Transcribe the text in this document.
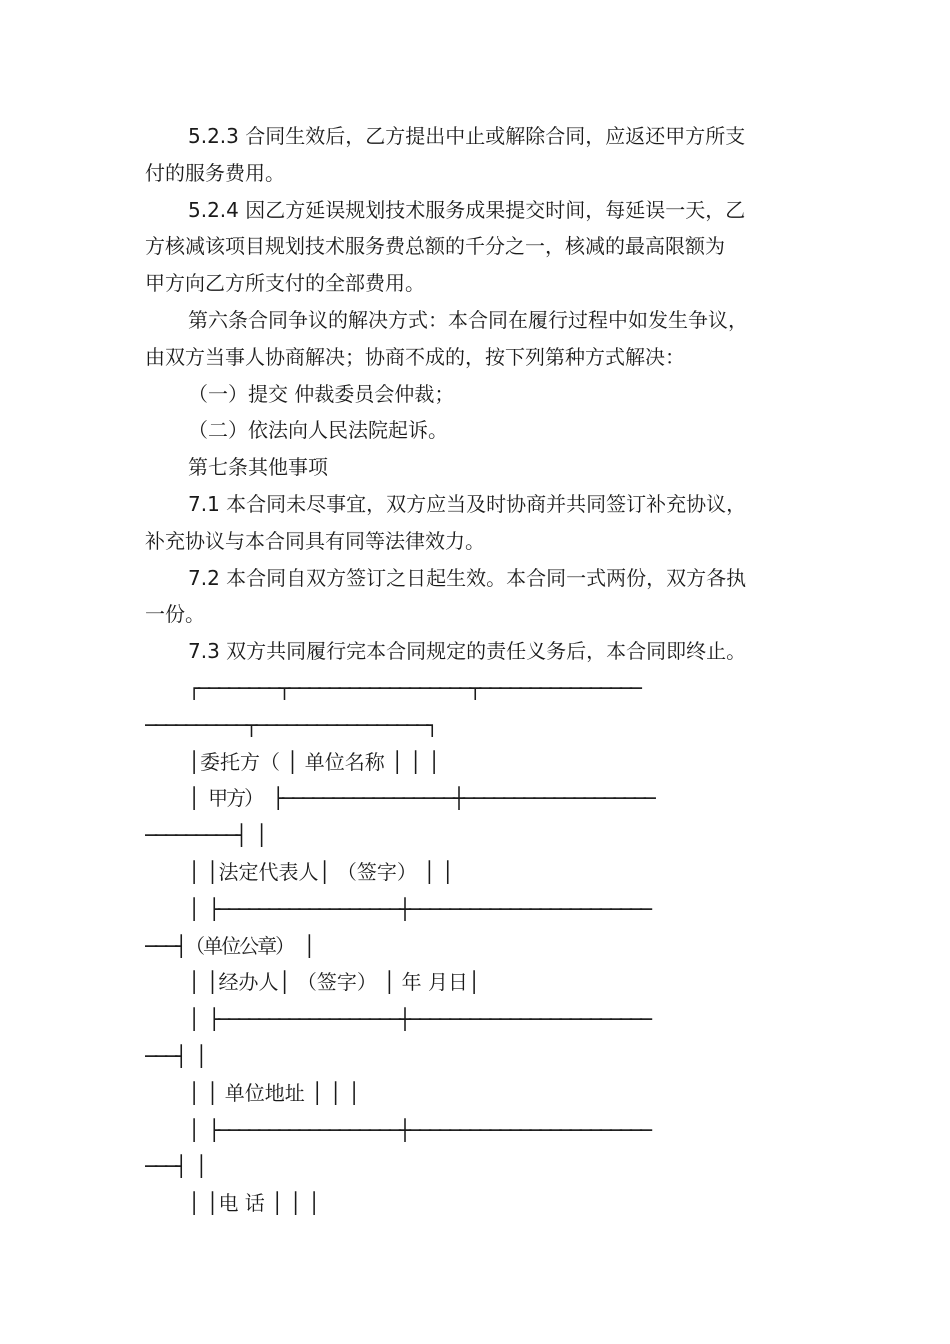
5.2.3 合同生效后，乙方提出中止或解除合同，应返还甲方所支
付的服务费用。
5.2.4 因乙方延误规划技术服务成果提交时间，每延误一天，乙
方核减该项目规划技术服务费总额的千分之一，核减的最高限额为
甲方向乙方所支付的全部费用。
第六条合同争议的解决方式：本合同在履行过程中如发生争议，
由双方当事人协商解决；协商不成的，按下列第种方式解决：
（一）提交 仲裁委员会仲裁；
（二）依法向人民法院起诉。
第七条其他事项
7.1 本合同未尽事宜，双方应当及时协商并共同签订补充协议，
补充协议与本合同具有同等法律效力。
7.2 本合同自双方签订之日起生效。本合同一式两份，双方各执
一份。
7.3 双方共同履行完本合同规定的责任义务后，本合同即终止。
┌────────┬──────────────────┬────────────────
──────────┬─────────────────┐
│委托方（ │ 单位名称 │ │ │
│ 甲方） ├─────────────────┼───────────────────
─────────┤ │
│ │法定代表人│ （签字） │ │
│ ├──────────────────┼────────────────────────
───┤（单位公章） │
│ │经办人│ （签字） │ 年 月日│
│ ├──────────────────┼────────────────────────
───┤ │
│ │ 单位地址 │ │ │
│ ├──────────────────┼────────────────────────
───┤ │
│ │电 话 │ │ │
